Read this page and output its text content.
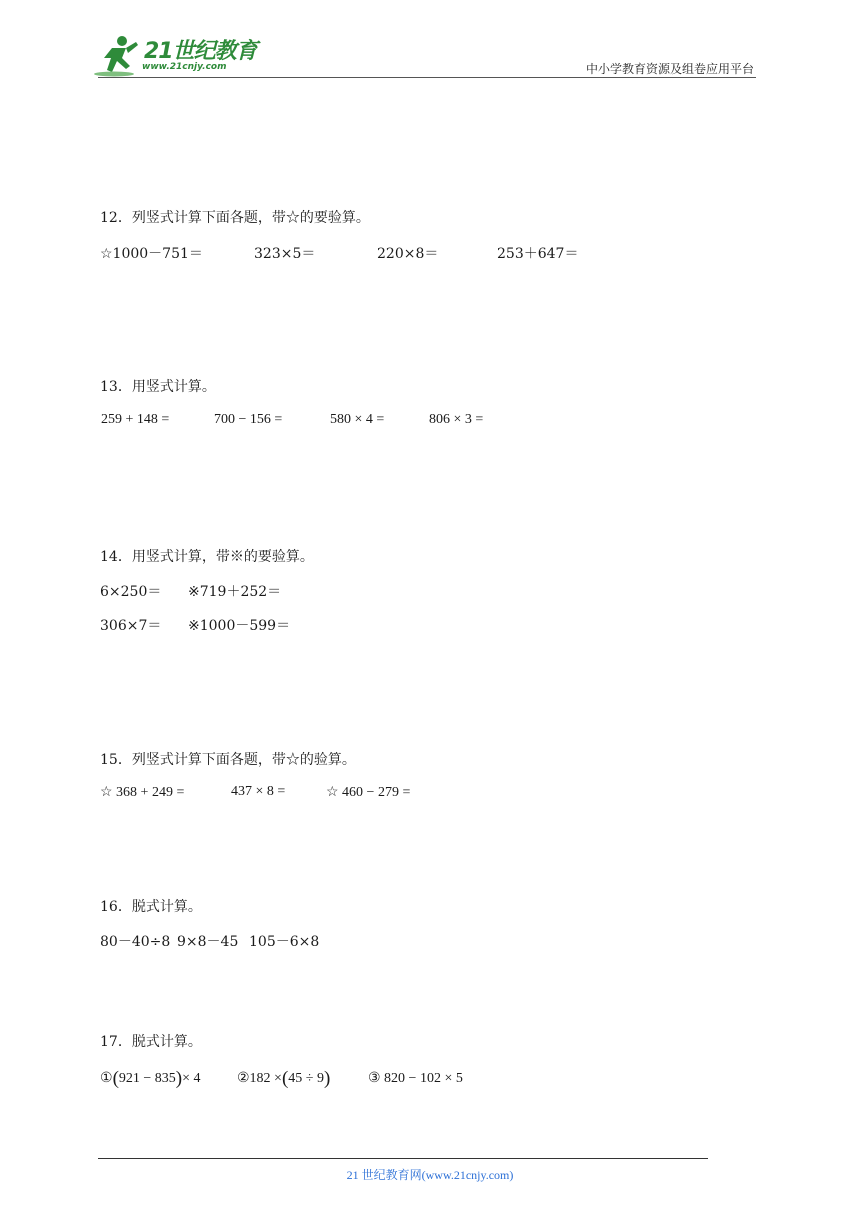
21世纪教育
www.21cnjy.com	中小学教育资源及组卷应用平台
12．列竖式计算下面各题，带☆的要验算。
☆1000－751＝	323×5＝	220×8＝	253＋647＝
13．用竖式计算。
259 + 148 =	700 − 156 =	580 × 4 =	806 × 3 =
14．用竖式计算，带※的要验算。
6×250＝ ※719＋252＝
306×7＝ ※1000－599＝
15．列竖式计算下面各题，带☆的验算。
☆ 368 + 249 =	437 × 8 =	☆ 460 − 279 =
16．脱式计算。
80－40÷8 9×8－45 105－6×8
17．脱式计算。
①(921 − 835)× 4	②182 ×(45 ÷ 9)	③ 820 − 102 × 5
21 世纪教育网(www.21cnjy.com)
